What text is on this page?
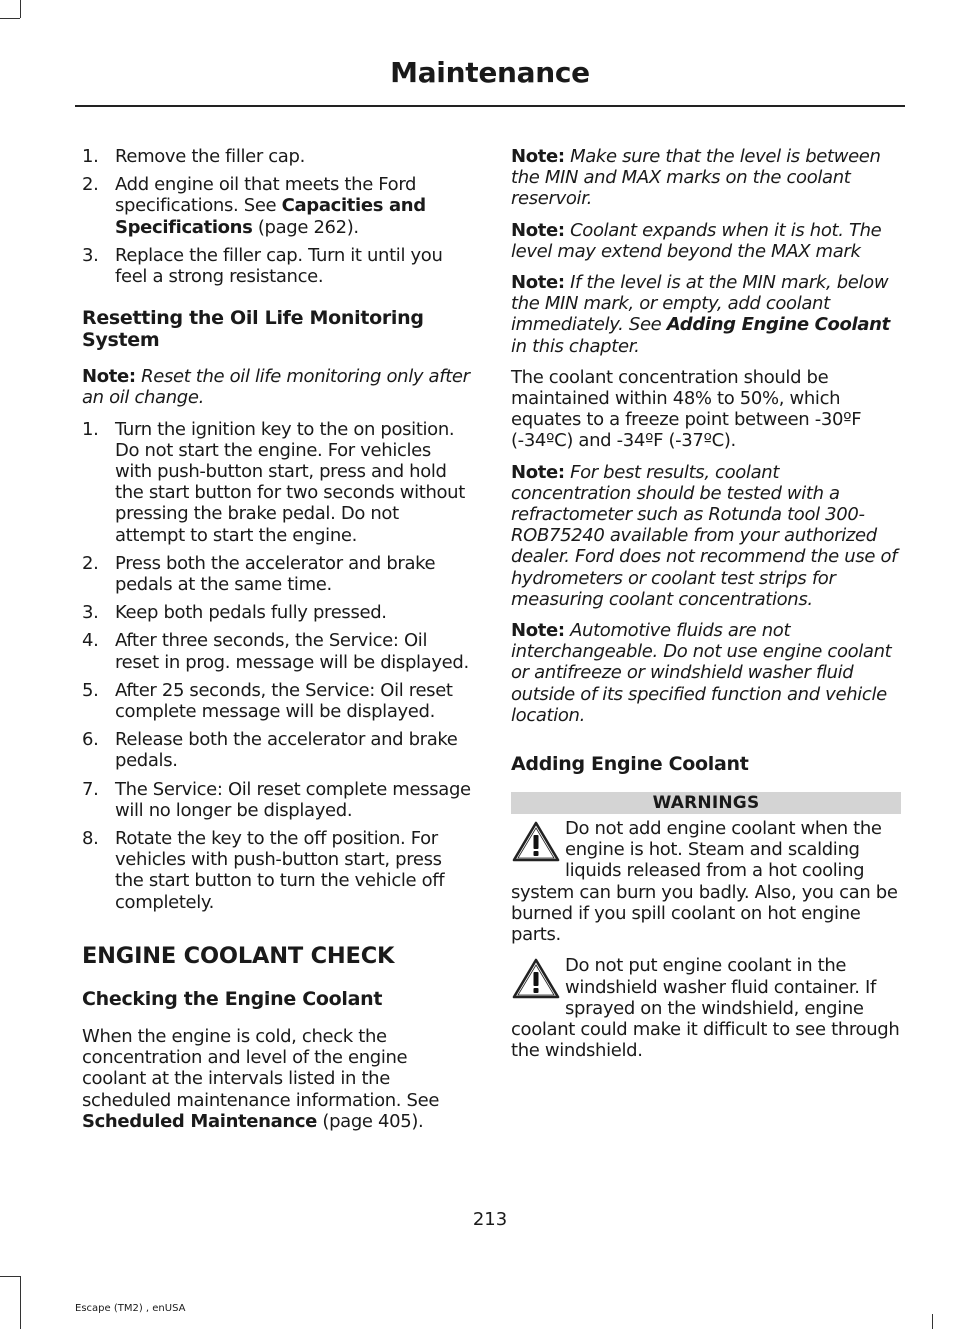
Maintenance
1. Remove the filler cap.
2. Add engine oil that meets the Ford specifications. See Capacities and Specifications (page 262).
3. Replace the filler cap. Turn it until you feel a strong resistance.
Resetting the Oil Life Monitoring System

Note: Reset the oil life monitoring only after an oil change.

1. Turn the ignition key to the on position. Do not start the engine. For vehicles with push-button start, press and hold the start button for two seconds without pressing the brake pedal. Do not attempt to start the engine.
2. Press both the accelerator and brake pedals at the same time.
3. Keep both pedals fully pressed.
4. After three seconds, the Service: Oil reset in prog. message will be displayed.
5. After 25 seconds, the Service: Oil reset complete message will be displayed.
6. Release both the accelerator and brake pedals.
7. The Service: Oil reset complete message will no longer be displayed.
8. Rotate the key to the off position. For vehicles with push-button start, press the start button to turn the vehicle off completely.
ENGINE COOLANT CHECK
Checking the Engine Coolant

When the engine is cold, check the concentration and level of the engine coolant at the intervals listed in the scheduled maintenance information. See Scheduled Maintenance (page 405).

Note: Make sure that the level is between the MIN and MAX marks on the coolant reservoir.

Note: Coolant expands when it is hot. The level may extend beyond the MAX mark

Note: If the level is at the MIN mark, below the MIN mark, or empty, add coolant immediately. See Adding Engine Coolant in this chapter.

The coolant concentration should be maintained within 48% to 50%, which equates to a freeze point between -30ºF (-34ºC) and -34ºF (-37ºC).

Note: For best results, coolant concentration should be tested with a refractometer such as Rotunda tool 300-ROB75240 available from your authorized dealer. Ford does not recommend the use of hydrometers or coolant test strips for measuring coolant concentrations.

Note: Automotive fluids are not interchangeable. Do not use engine coolant or antifreeze or windshield washer fluid outside of its specified function and vehicle location.

Adding Engine Coolant
WARNINGS
Do not add engine coolant when the engine is hot. Steam and scalding liquids released from a hot cooling system can burn you badly. Also, you can be burned if you spill coolant on hot engine parts.
Do not put engine coolant in the windshield washer fluid container. If sprayed on the windshield, engine coolant could make it difficult to see through the windshield.
213
Escape (TM2) , enUSA
